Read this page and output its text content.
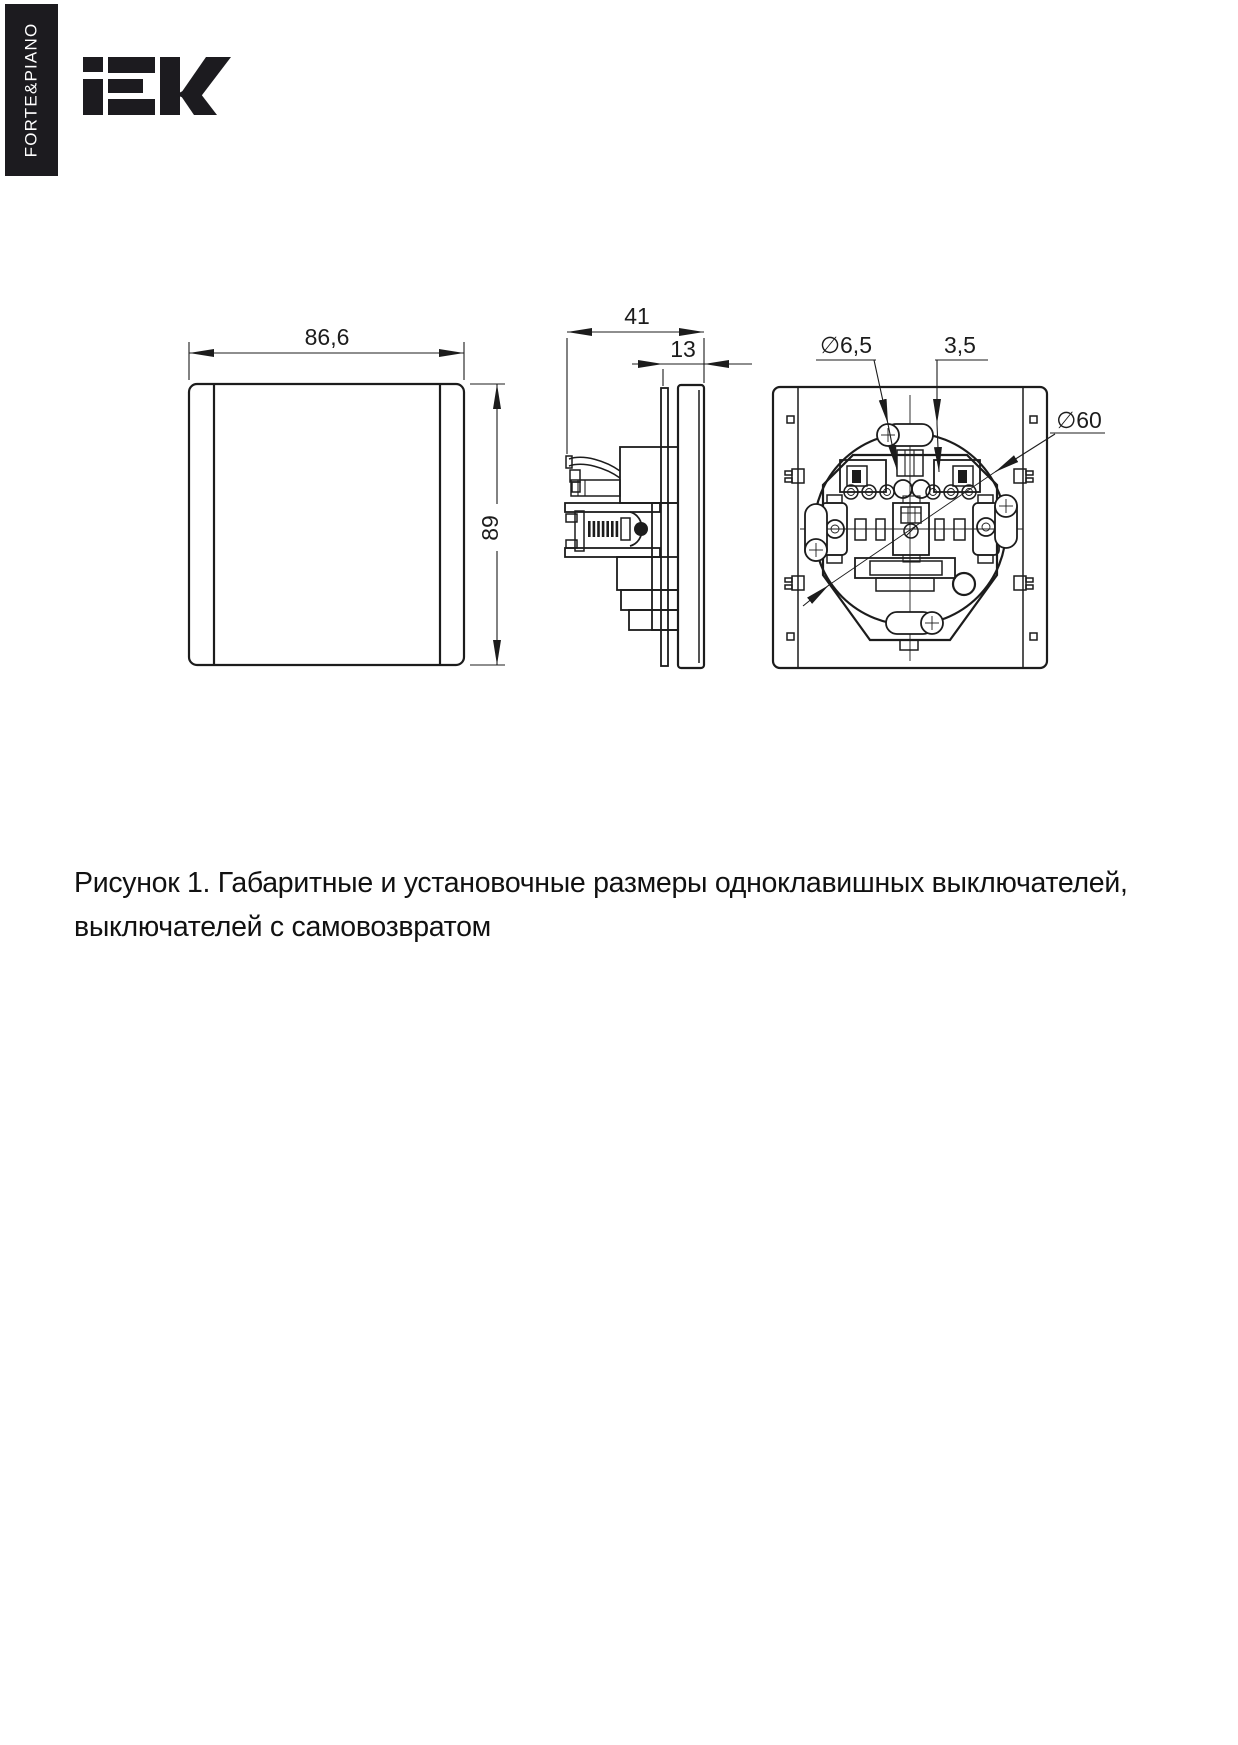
FORTE&PIANO
86,6
89
41
13	∅6,5	3,5
∅60
Рисунок 1. Габаритные и установочные размеры одноклавишных выключателей,
выключателей с самовозвратом
